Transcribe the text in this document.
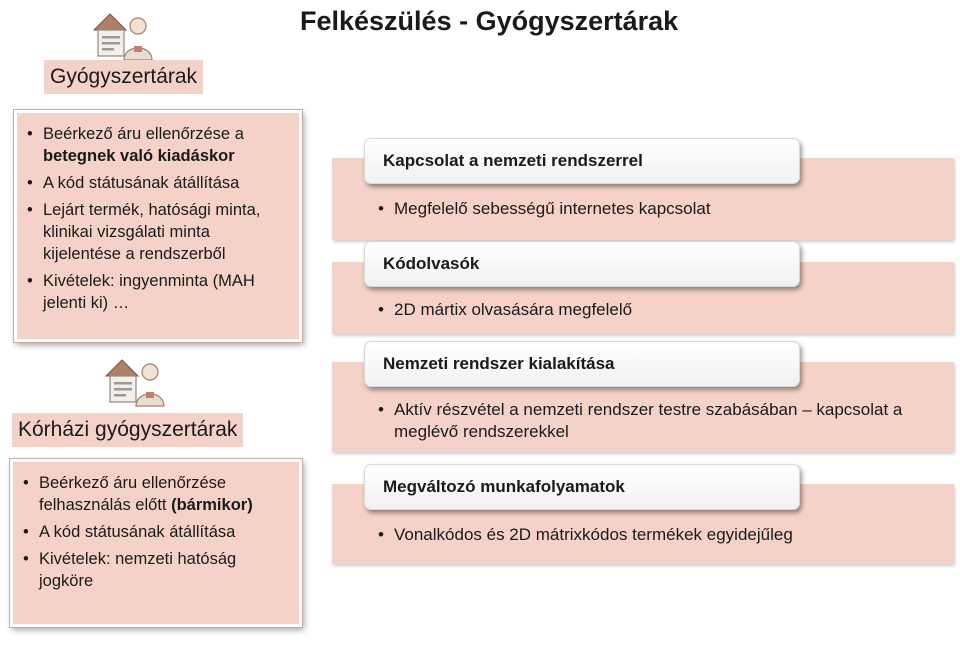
Felkészülés - Gyógyszertárak
Gyógyszertárak
• Beérkező áru ellenőrzése a betegnek való kiadáskor
• A kód státusának átállítása
• Lejárt termék, hatósági minta, klinikai vizsgálati minta kijelentése a rendszerből
• Kivételek: ingyenminta (MAH jelenti ki) …
Kórházi gyógyszertárak
• Beérkező áru ellenőrzése felhasználás előtt (bármikor)
• A kód státusának átállítása
• Kivételek: nemzeti hatóság jogköre
Kapcsolat a nemzeti rendszerrel
• Megfelelő sebességű internetes kapcsolat
Kódolvasók
• 2D mártix olvasására megfelelő
Nemzeti rendszer kialakítása
• Aktív részvétel a nemzeti rendszer testre szabásában – kapcsolat a meglévő rendszerekkel
Megváltozó munkafolyamatok
• Vonalkódos és 2D mátrixkódos termékek egyidejűleg
